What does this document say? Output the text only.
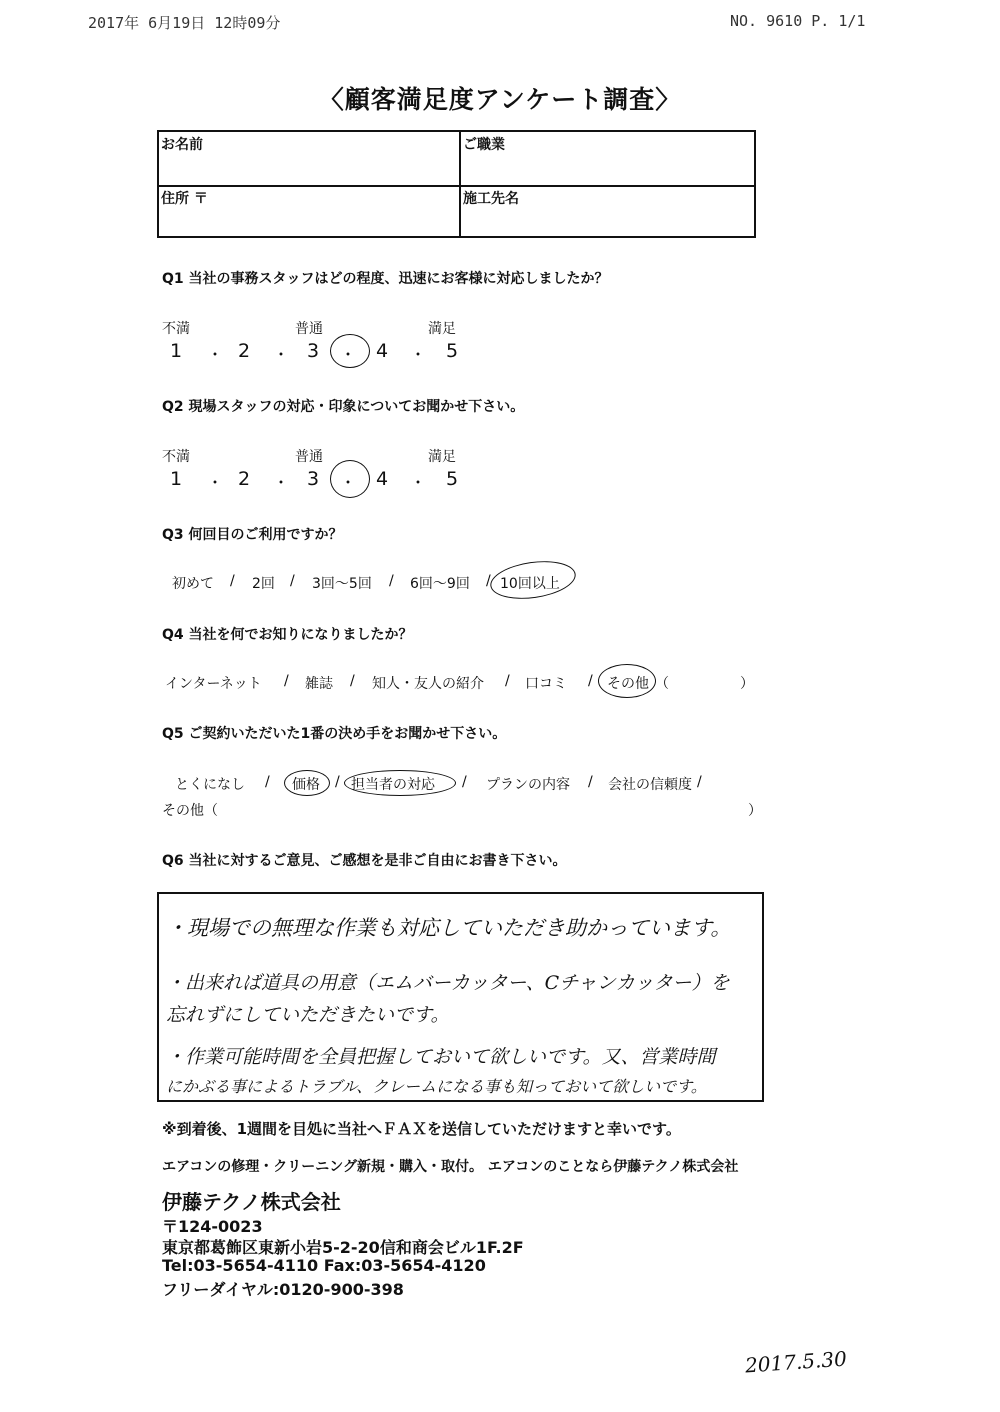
2017年 6月19日 12時09分	NO. 9610 P. 1/1
〈顧客満足度アンケート調査〉
お名前	ご職業
住所 〒	施工先名
Q1 当社の事務スタッフはどの程度、迅速にお客様に対応しましたか？
不満	普通	満足
1 ・ 2 ・ 3 ・ 4 ・ 5
Q2 現場スタッフの対応・印象についてお聞かせ下さい。
不満	普通	満足
1 ・ 2 ・ 3 ・ 4 ・ 5
Q3 何回目のご利用ですか？
初めて / 2回 / 3回〜5回 / 6回〜9回 / 10回以上
Q4 当社を何でお知りになりましたか？
インターネット / 雑誌 / 知人・友人の紹介 / 口コミ / その他 （	）
Q5 ご契約いただいた1番の決め手をお聞かせ下さい。
とくになし / 価格 / 担当者の対応 / プランの内容 / 会社の信頼度 /
その他（	）
Q6 当社に対するご意見、ご感想を是非ご自由にお書き下さい。
・現場での無理な作業も対応していただき助かっています。
・出来れば道具の用意（エムバーカッター、Cチャンカッター）を
忘れずにしていただきたいです。
・作業可能時間を全員把握しておいて欲しいです。又、営業時間
にかぶる事によるトラブル、クレームになる事も知っておいて欲しいです。
※到着後、1週間を目処に当社へＦＡＸを送信していただけますと幸いです。
エアコンの修理・クリーニング新規・購入・取付。 エアコンのことなら伊藤テクノ株式会社
伊藤テクノ株式会社
〒124-0023
東京都葛飾区東新小岩5-2-20信和商会ビル1F.2F
Tel:03-5654-4110 Fax:03-5654-4120
フリーダイヤル:0120-900-398
2017.5.30
